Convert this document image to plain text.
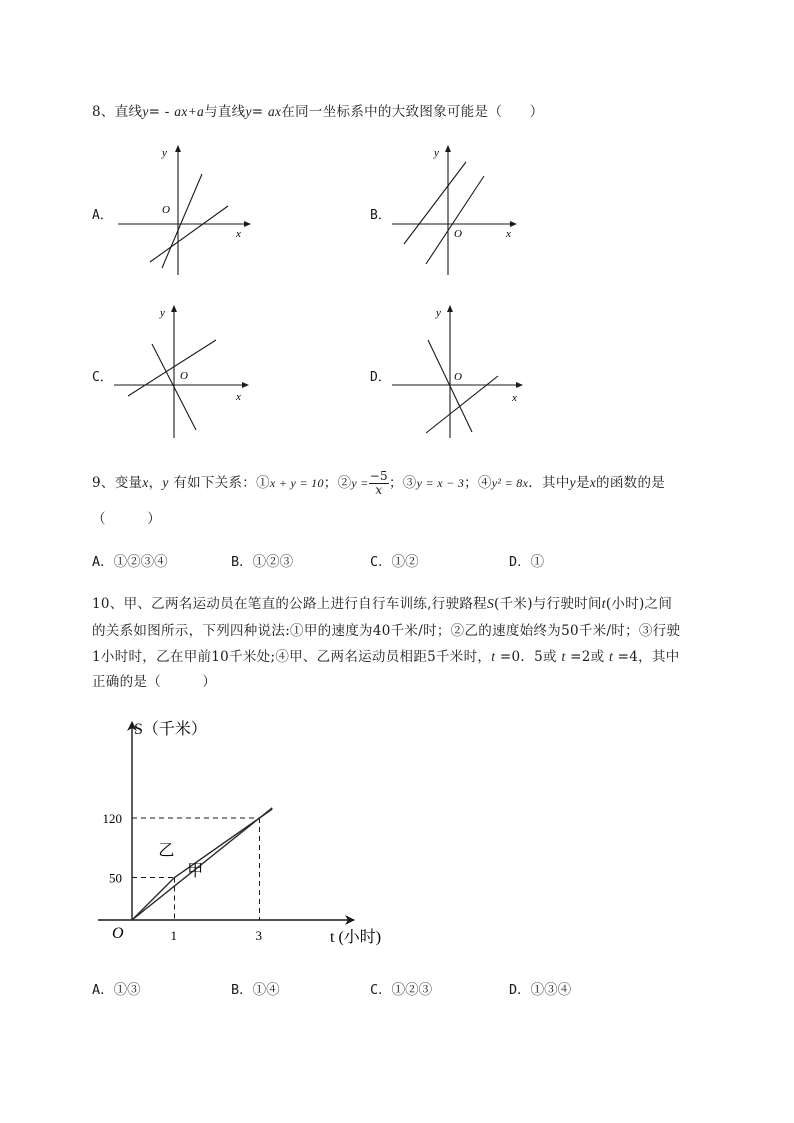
8、直线y= - ax+a与直线y= ax在同一坐标系中的大致图象可能是（　　）
A．	O
x
y
B．
O	x
y
C．	O
x
y
D．	O
x
y
9、变量x，y 有如下关系：①x + y = 10；②y = $\frac{-5}{x}$ ；③y = x − 3；④y² = 8x．其中y是x的函数的是
（　　　）
A．①②③④	B．①②③	C．①②	D．①
10、甲、乙两名运动员在笔直的公路上进行自行车训练,行驶路程S(千米)与行驶时间t(小时)之间
的关系如图所示，下列四种说法:①甲的速度为40千米/时；②乙的速度始终为50千米/时；③行驶
1小时时，乙在甲前10千米处;④甲、乙两名运动员相距5千米时，t =0．5或 t =2或 t =4，其中
正确的是（　　　）
S（千米）
t (小时)
O	1	3
50
120
甲
乙
A．①③	B．①④	C．①②③	D．①③④
